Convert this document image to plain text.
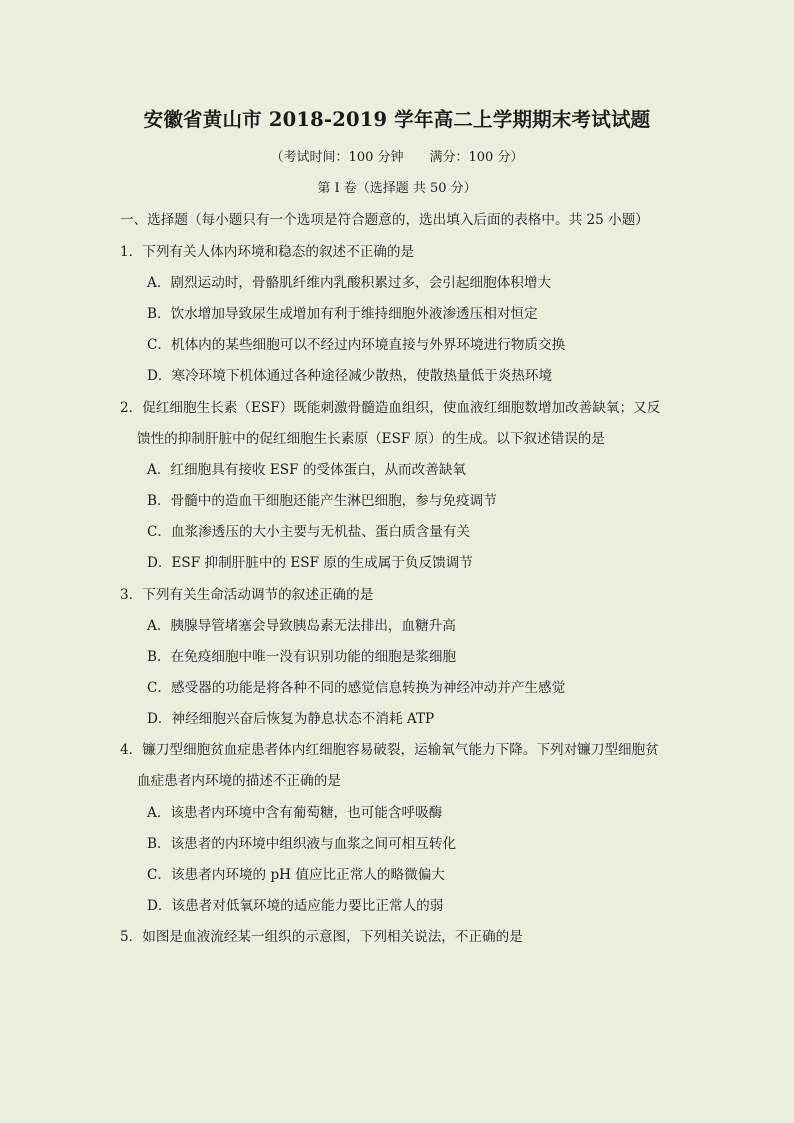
安徽省黄山市 2018-2019 学年高二上学期期末考试试题
（考试时间：100 分钟 满分：100 分）
第 I 卷（选择题 共 50 分）
一、选择题（每小题只有一个选项是符合题意的，选出填入后面的表格中。共 25 小题）
1．下列有关人体内环境和稳态的叙述不正确的是
A．剧烈运动时，骨骼肌纤维内乳酸积累过多，会引起细胞体积增大
B．饮水增加导致尿生成增加有利于维持细胞外液渗透压相对恒定
C．机体内的某些细胞可以不经过内环境直接与外界环境进行物质交换
D．寒冷环境下机体通过各种途径减少散热，使散热量低于炎热环境
2．促红细胞生长素（ESF）既能刺激骨髓造血组织，使血液红细胞数增加改善缺氧；又反
馈性的抑制肝脏中的促红细胞生长素原（ESF 原）的生成。以下叙述错误的是
A．红细胞具有接收 ESF 的受体蛋白，从而改善缺氧
B．骨髓中的造血干细胞还能产生淋巴细胞，参与免疫调节
C．血浆渗透压的大小主要与无机盐、蛋白质含量有关
D．ESF 抑制肝脏中的 ESF 原的生成属于负反馈调节
3．下列有关生命活动调节的叙述正确的是
A．胰腺导管堵塞会导致胰岛素无法排出，血糖升高
B．在免疫细胞中唯一没有识别功能的细胞是浆细胞
C．感受器的功能是将各种不同的感觉信息转换为神经冲动并产生感觉
D．神经细胞兴奋后恢复为静息状态不消耗 ATP
4．镰刀型细胞贫血症患者体内红细胞容易破裂，运输氧气能力下降。下列对镰刀型细胞贫
血症患者内环境的描述不正确的是
A．该患者内环境中含有葡萄糖，也可能含呼吸酶
B．该患者的内环境中组织液与血浆之间可相互转化
C．该患者内环境的 pH 值应比正常人的略微偏大
D．该患者对低氧环境的适应能力要比正常人的弱
5．如图是血液流经某一组织的示意图，下列相关说法，不正确的是
